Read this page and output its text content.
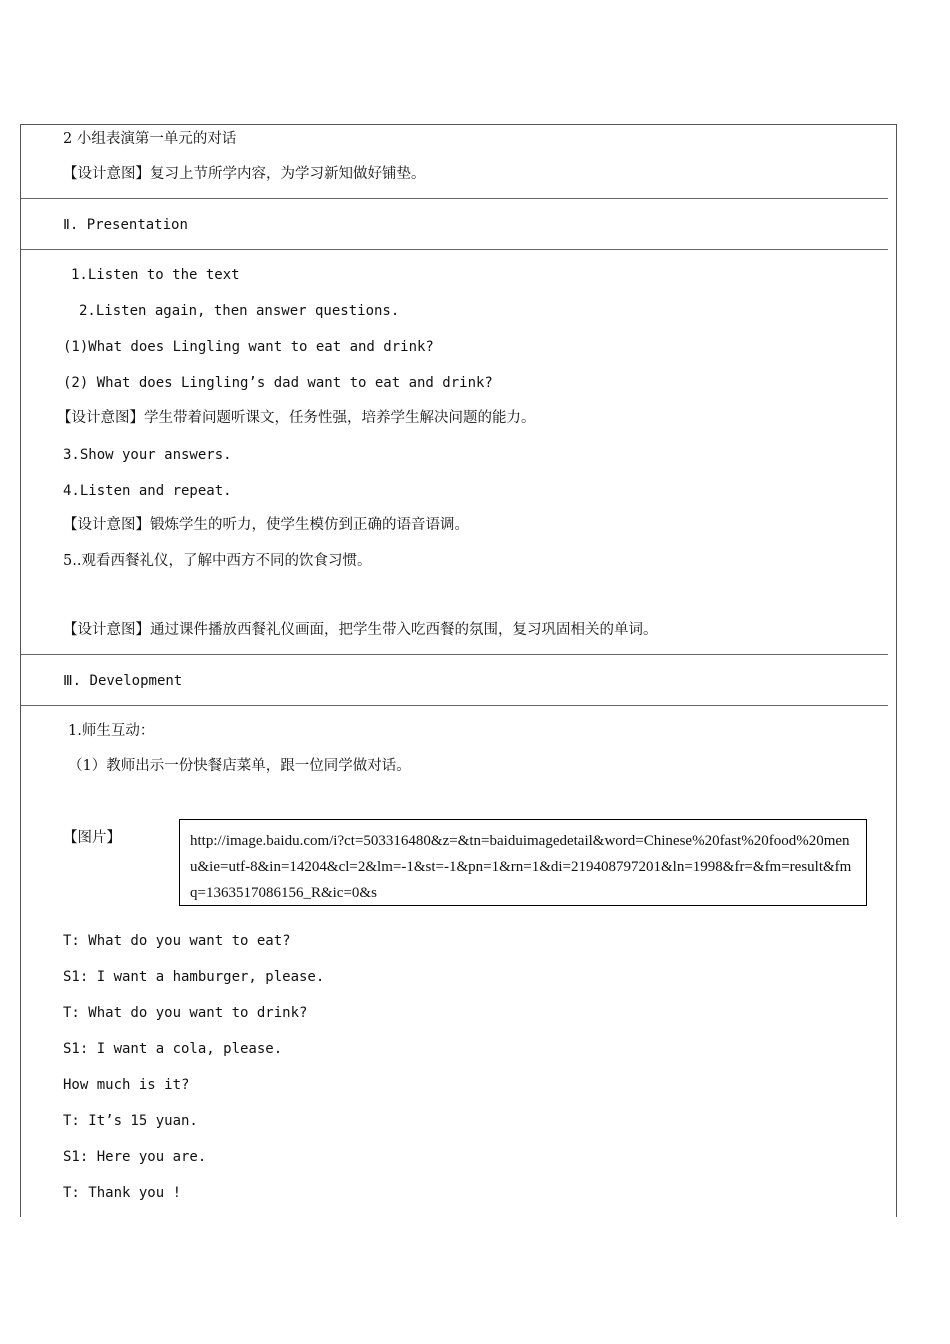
2 小组表演第一单元的对话
【设计意图】复习上节所学内容，为学习新知做好铺垫。
Ⅱ. Presentation
1.Listen to the text
2.Listen again, then answer questions.
(1)What does Lingling want to eat and drink?
(2) What does Lingling’s dad want to eat and drink?
【设计意图】学生带着问题听课文，任务性强，培养学生解决问题的能力。
3.Show your answers.
4.Listen and repeat.
【设计意图】锻炼学生的听力，使学生模仿到正确的语音语调。
5..观看西餐礼仪，了解中西方不同的饮食习惯。
【设计意图】通过课件播放西餐礼仪画面，把学生带入吃西餐的氛围，复习巩固相关的单词。
Ⅲ. Development
1.师生互动：
（1）教师出示一份快餐店菜单，跟一位同学做对话。
【图片】	http://image.baidu.com/i?ct=503316480&z=&tn=baiduimagedetail&word=Chinese%20fast%20food%20menu&ie=utf-8&in=14204&cl=2&lm=-1&st=-1&pn=1&rn=1&di=219408797201&ln=1998&fr=&fm=result&fmq=1363517086156_R&ic=0&s
T: What do you want to eat?
S1: I want a hamburger, please.
T: What do you want to drink?
S1: I want a cola, please.
How much is it?
T: It’s 15 yuan.
S1: Here you are.
T: Thank you !
